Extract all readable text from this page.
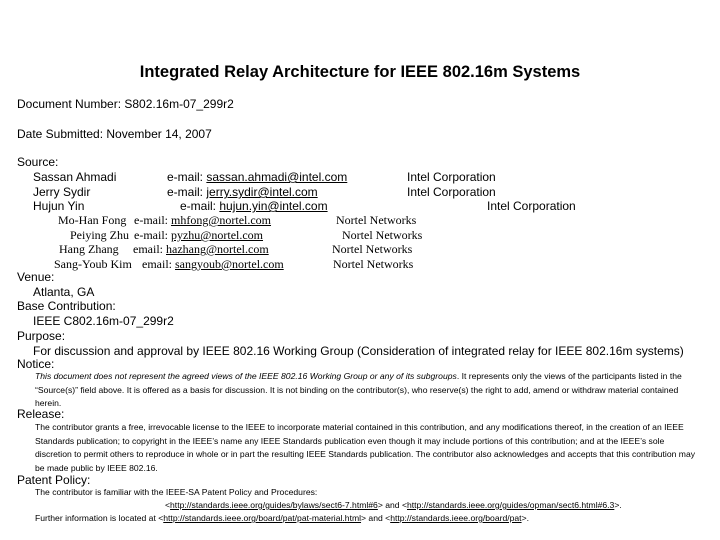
Integrated Relay Architecture for IEEE 802.16m Systems
Document Number: S802.16m-07_299r2
Date Submitted: November 14, 2007
Source:
Sassan Ahmadi	e-mail: sassan.ahmadi@intel.com	Intel Corporation
Jerry Sydir	e-mail: jerry.sydir@intel.com	Intel Corporation
Hujun Yin	e-mail: hujun.yin@intel.com	Intel Corporation
Mo-Han Fong e-mail: mhfong@nortel.com	Nortel Networks
Peiying Zhu e-mail: pyzhu@nortel.com	Nortel Networks
Hang Zhang email: hazhang@nortel.com	Nortel Networks
Sang-Youb Kim email: sangyoub@nortel.com	Nortel Networks
Venue:
Atlanta, GA
Base Contribution:
IEEE C802.16m-07_299r2
Purpose:
For discussion and approval by IEEE 802.16 Working Group (Consideration of integrated relay for IEEE 802.16m systems)
Notice:
This document does not represent the agreed views of the IEEE 802.16 Working Group or any of its subgroups. It represents only the views of the participants listed in the “Source(s)” field above. It is offered as a basis for discussion. It is not binding on the contributor(s), who reserve(s) the right to add, amend or withdraw material contained herein.
Release:
The contributor grants a free, irrevocable license to the IEEE to incorporate material contained in this contribution, and any modifications thereof, in the creation of an IEEE Standards publication; to copyright in the IEEE’s name any IEEE Standards publication even though it may include portions of this contribution; and at the IEEE’s sole discretion to permit others to reproduce in whole or in part the resulting IEEE Standards publication. The contributor also acknowledges and accepts that this contribution may be made public by IEEE 802.16.
Patent Policy:
The contributor is familiar with the IEEE-SA Patent Policy and Procedures:
<http://standards.ieee.org/guides/bylaws/sect6-7.html#6> and <http://standards.ieee.org/guides/opman/sect6.html#6.3>.
Further information is located at <http://standards.ieee.org/board/pat/pat-material.html> and <http://standards.ieee.org/board/pat>.
